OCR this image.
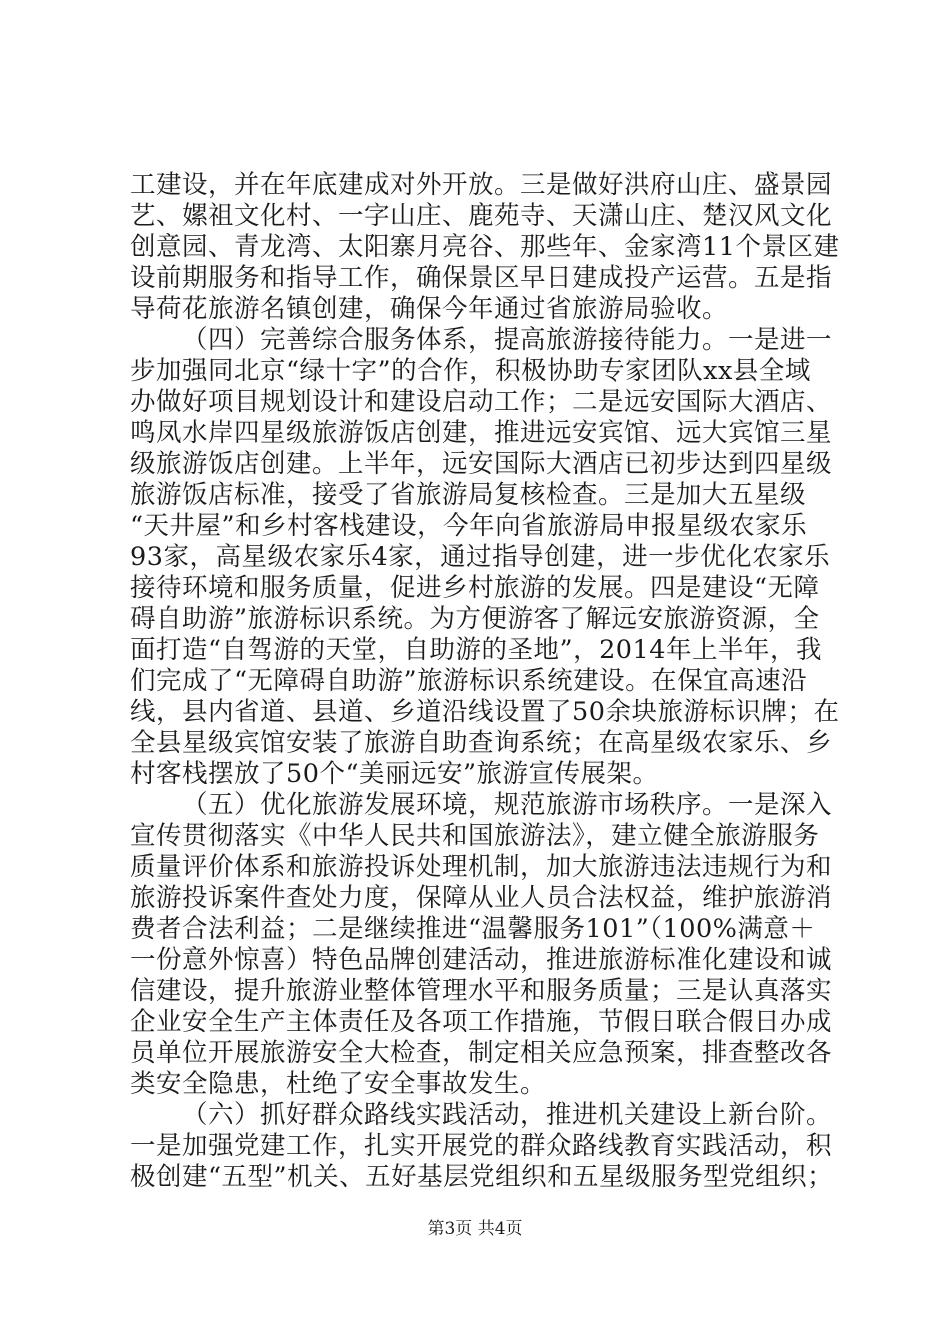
工建设，并在年底建成对外开放。三是做好洪府山庄、盛景园
艺、嫘祖文化村、一字山庄、鹿苑寺、天潇山庄、楚汉风文化
创意园、青龙湾、太阳寨月亮谷、那些年、金家湾11个景区建
设前期服务和指导工作，确保景区早日建成投产运营。五是指
导荷花旅游名镇创建，确保今年通过省旅游局验收。
（四）完善综合服务体系，提高旅游接待能力。一是进一
步加强同北京“绿十字”的合作，积极协助专家团队xx县全域
办做好项目规划设计和建设启动工作；二是远安国际大酒店、
鸣凤水岸四星级旅游饭店创建，推进远安宾馆、远大宾馆三星
级旅游饭店创建。上半年，远安国际大酒店已初步达到四星级
旅游饭店标准，接受了省旅游局复核检查。三是加大五星级
“天井屋”和乡村客栈建设，今年向省旅游局申报星级农家乐
93家，高星级农家乐4家，通过指导创建，进一步优化农家乐
接待环境和服务质量，促进乡村旅游的发展。四是建设“无障
碍自助游”旅游标识系统。为方便游客了解远安旅游资源，全
面打造“自驾游的天堂，自助游的圣地”，2014年上半年，我
们完成了“无障碍自助游”旅游标识系统建设。在保宜高速沿
线，县内省道、县道、乡道沿线设置了50余块旅游标识牌；在
全县星级宾馆安装了旅游自助查询系统；在高星级农家乐、乡
村客栈摆放了50个“美丽远安”旅游宣传展架。
（五）优化旅游发展环境，规范旅游市场秩序。一是深入
宣传贯彻落实《中华人民共和国旅游法》，建立健全旅游服务
质量评价体系和旅游投诉处理机制，加大旅游违法违规行为和
旅游投诉案件查处力度，保障从业人员合法权益，维护旅游消
费者合法利益；二是继续推进“温馨服务101”（100%满意＋
一份意外惊喜）特色品牌创建活动，推进旅游标准化建设和诚
信建设，提升旅游业整体管理水平和服务质量；三是认真落实
企业安全生产主体责任及各项工作措施，节假日联合假日办成
员单位开展旅游安全大检查，制定相关应急预案，排查整改各
类安全隐患，杜绝了安全事故发生。
（六）抓好群众路线实践活动，推进机关建设上新台阶。
一是加强党建工作，扎实开展党的群众路线教育实践活动，积
极创建“五型”机关、五好基层党组织和五星级服务型党组织；
第3页 共4页
